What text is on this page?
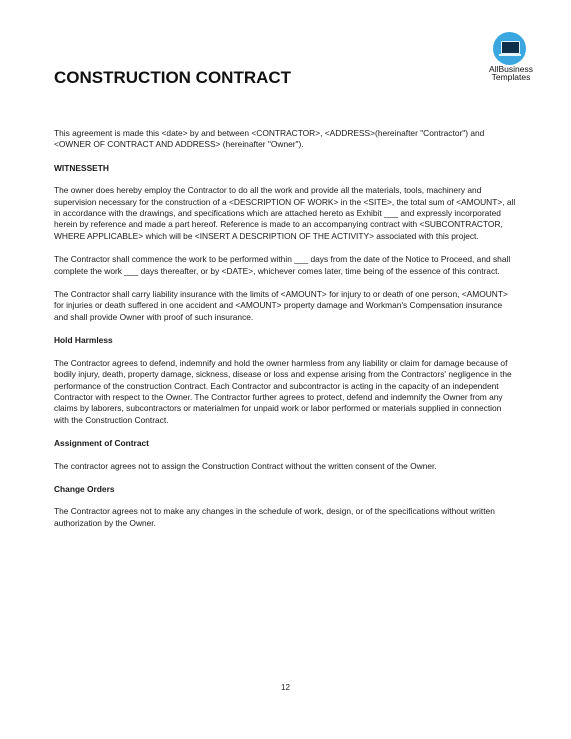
AllBusiness
Templates
CONSTRUCTION CONTRACT

This agreement is made this <date> by and between <CONTRACTOR>, <ADDRESS>(hereinafter "Contractor") and <OWNER OF CONTRACT AND ADDRESS> (hereinafter "Owner").

WITNESSETH

The owner does hereby employ the Contractor to do all the work and provide all the materials, tools, machinery and supervision necessary for the construction of a <DESCRIPTION OF WORK> in the <SITE>, the total sum of <AMOUNT>, all in accordance with the drawings, and specifications which are attached hereto as Exhibit ___ and expressly incorporated herein by reference and made a part hereof. Reference is made to an accompanying contract with <SUBCONTRACTOR, WHERE APPLICABLE> which will be <INSERT A DESCRIPTION OF THE ACTIVITY> associated with this project.

The Contractor shall commence the work to be performed within ___ days from the date of the Notice to Proceed, and shall complete the work ___ days thereafter, or by <DATE>, whichever comes later, time being of the essence of this contract.

The Contractor shall carry liability insurance with the limits of <AMOUNT> for injury to or death of one person, <AMOUNT> for injuries or death suffered in one accident and <AMOUNT> property damage and Workman's Compensation insurance and shall provide Owner with proof of such insurance.

Hold Harmless

The Contractor agrees to defend, indemnify and hold the owner harmless from any liability or claim for damage because of bodily injury, death, property damage, sickness, disease or loss and expense arising from the Contractors' negligence in the performance of the construction Contract. Each Contractor and subcontractor is acting in the capacity of an independent Contractor with respect to the Owner. The Contractor further agrees to protect, defend and indemnify the Owner from any claims by laborers, subcontractors or materialmen for unpaid work or labor performed or materials supplied in connection with the Construction Contract.

Assignment of Contract

The contractor agrees not to assign the Construction Contract without the written consent of the Owner.

Change Orders

The Contractor agrees not to make any changes in the schedule of work, design, or of the specifications without written authorization by the Owner.

12
